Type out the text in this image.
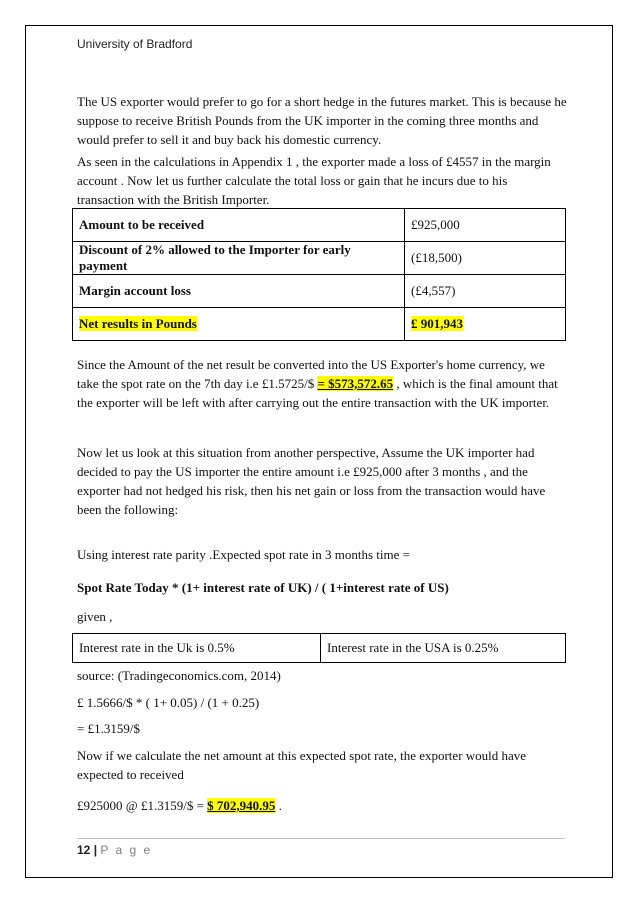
University of Bradford
The US exporter would prefer to go for a short hedge in the futures market. This is because he suppose to receive British Pounds from the UK importer in the coming three months and would prefer to sell it and buy back his domestic currency.
As seen in the calculations in Appendix 1 , the exporter made a loss of £4557 in the margin account . Now let us further calculate the total loss or gain that he incurs due to his transaction with the British Importer.
Amount to be received	£925,000
Discount of 2% allowed to the Importer for early payment	(£18,500)
Margin account loss	(£4,557)
Net results in Pounds	£ 901,943
Since the Amount of the net result be converted into the US Exporter's home currency, we take the spot rate on the 7th day i.e £1.5725/$ = $573,572.65 , which is the final amount that the exporter will be left with after carrying out the entire transaction with the UK importer.
Now let us look at this situation from another perspective, Assume the UK importer had decided to pay the US importer the entire amount i.e £925,000 after 3 months , and the exporter had not hedged his risk, then his net gain or loss from the transaction would have been the following:
Using interest rate parity .Expected spot rate in 3 months time =
Spot Rate Today * (1+ interest rate of UK) / ( 1+interest rate of US)
given ,
Interest rate in the Uk is 0.5%	Interest rate in the USA is 0.25%
source: (Tradingeconomics.com, 2014)
£ 1.5666/$ * ( 1+ 0.05) / (1 + 0.25)
= £1.3159/$
Now if we calculate the net amount at this expected spot rate, the exporter would have expected to received
£925000 @ £1.3159/$ = $ 702,940.95 .
12 | P a g e
